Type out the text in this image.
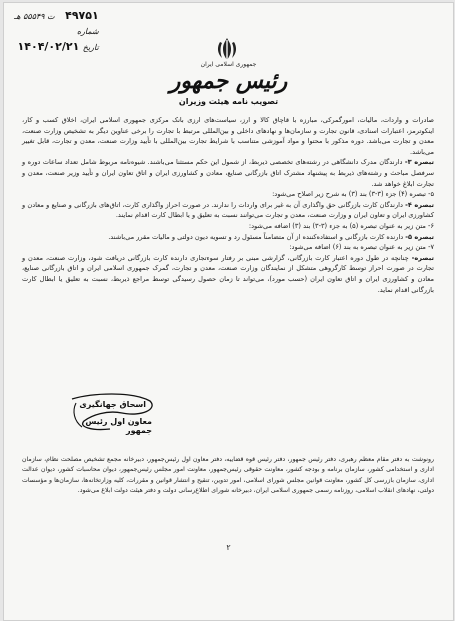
۴۹۷۵۱   ت ۵۵۵۴۹ هـ
شماره
تاریخ ۱۴۰۴/۰۲/۲۱
جمهوری اسلامی ایران
رئیس جمهور
تصویب نامه هیئت وزیران

صادرات و واردات، مالیات، امورگمرکی، مبارزه با قاچاق کالا و ارز، سیاست‌های ارزی بانک مرکزی جمهوری اسلامی ایران، اخلاق کسب و کار، اینکوترمز، اعتبارات اسنادی، قانون تجارت و سازمان‌ها و نهادهای داخلی و بین‌المللی مرتبط با تجارت را برخی عناوین دیگر به تشخیص وزارت صنعت، معدن و تجارت می‌باشد. دوره مذکور با محتوا و مواد آموزشی متناسب با شرایط تجارت بین‌المللی با تأیید وزارت صنعت، معدن و تجارت، قابل تغییر می‌باشد.

تبصره ۳- دارندگان مدرک دانشگاهی در رشته‌های تخصصی ذیربط، از شمول این حکم مستثنا می‌باشند. شیوه‌نامه مربوط شامل تعداد ساعات دوره و سرفصل مباحث و رشته‌های ذیربط به پیشنهاد مشترک اتاق بازرگانی صنایع، معادن و کشاورزی ایران و اتاق تعاون ایران و تأیید وزیر صنعت، معدن و تجارت ابلاغ خواهد شد.

۵- تبصره (۴) جزء (۳-۳) بند (۳) به شرح زیر اصلاح می‌شود:

تبصره ۴- دارندگان کارت بازرگانی حق واگذاری آن به غیر برای واردات را ندارند. در صورت احراز واگذاری کارت، اتاق‌های بازرگانی و صنایع و معادن و کشاورزی ایران و تعاون ایران و وزارت صنعت، معدن و تجارت می‌توانند نسبت به تعلیق و یا ابطال کارت اقدام نمایند.

۶- متن زیر به عنوان تبصره (۵) به جزء (۳-۳) بند (۳) اضافه می‌شود:

تبصره ۵- دارنده کارت بازرگانی و استفاده‌کننده از آن متضامناً مسئول رد و تسویه دیون دولتی و مالیات مقرر می‌باشند.

۷- متن زیر به عنوان تبصره به بند (۶) اضافه می‌شود:

تبصره- چنانچه در طول دوره اعتبار کارت بازرگانی، گزارشی مبنی بر رفتار سوءتجاری دارنده کارت بازرگانی دریافت شود، وزارت صنعت، معدن و تجارت در صورت احراز توسط کارگروهی متشکل از نمایندگان وزارت صنعت، معدن و تجارت، گمرک جمهوری اسلامی ایران و اتاق بازرگانی صنایع، معادن و کشاورزی ایران و اتاق تعاون ایران (حسب مورد)، می‌تواند تا زمان حصول رسیدگی توسط مراجع ذیربط، نسبت به تعلیق یا ابطال کارت بازرگانی اقدام نماید.

اسحاق جهانگیری
معاون اول رئیس جمهور
رونوشت به دفتر مقام معظم رهبری، دفتر رئیس جمهور، دفتر رئیس قوه قضاییه، دفتر معاون اول رئیس‌جمهور، دبیرخانه مجمع تشخیص مصلحت نظام، سازمان اداری و استخدامی کشور، سازمان برنامه و بودجه کشور، معاونت حقوقی رئیس‌جمهور، معاونت امور مجلس رئیس‌جمهور، دیوان محاسبات کشور، دیوان عدالت اداری، سازمان بازرسی کل کشور، معاونت قوانین مجلس شورای اسلامی، امور تدوین، تنقیح و انتشار قوانین و مقررات، کلیه وزارتخانه‌ها، سازمان‌ها و مؤسسات دولتی، نهادهای انقلاب اسلامی، روزنامه رسمی جمهوری اسلامی ایران، دبیرخانه شورای اطلاع‌رسانی دولت و دفتر هیئت دولت ابلاغ می‌شود.
۲
